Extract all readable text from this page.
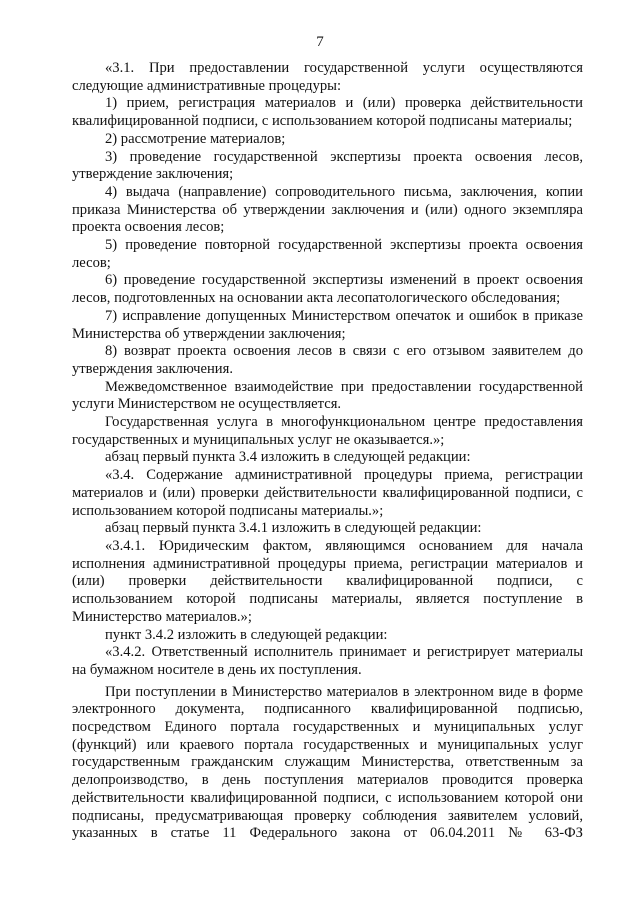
7

«3.1. При предоставлении государственной услуги осуществляются следующие административные процедуры:

1) прием, регистрация материалов и (или) проверка действительности квалифицированной подписи, с использованием которой подписаны материалы;

2) рассмотрение материалов;

3) проведение государственной экспертизы проекта освоения лесов, утверждение заключения;

4) выдача (направление) сопроводительного письма, заключения, копии приказа Министерства об утверждении заключения и (или) одного экземпляра проекта освоения лесов;

5) проведение повторной государственной экспертизы проекта освоения лесов;

6) проведение государственной экспертизы изменений в проект освоения лесов, подготовленных на основании акта лесопатологического обследования;

7) исправление допущенных Министерством опечаток и ошибок в приказе Министерства об утверждении заключения;

8) возврат проекта освоения лесов в связи с его отзывом заявителем до утверждения заключения.

Межведомственное взаимодействие при предоставлении государственной услуги Министерством не осуществляется.

Государственная услуга в многофункциональном центре предоставления государственных и муниципальных услуг не оказывается.»;

абзац первый пункта 3.4 изложить в следующей редакции:

«3.4. Содержание административной процедуры приема, регистрации материалов и (или) проверки действительности квалифицированной подписи, с использованием которой подписаны материалы.»;

абзац первый пункта 3.4.1 изложить в следующей редакции:

«3.4.1. Юридическим фактом, являющимся основанием для начала исполнения административной процедуры приема, регистрации материалов и (или) проверки действительности квалифицированной подписи, с использованием которой подписаны материалы, является поступление в Министерство материалов.»;

пункт 3.4.2 изложить в следующей редакции:

«3.4.2. Ответственный исполнитель принимает и регистрирует материалы на бумажном носителе в день их поступления.

При поступлении в Министерство материалов в электронном виде в форме электронного документа, подписанного квалифицированной подписью, посредством Единого портала государственных и муниципальных услуг (функций) или краевого портала государственных и муниципальных услуг государственным гражданским служащим Министерства, ответственным за делопроизводство, в день поступления материалов проводится проверка действительности квалифицированной подписи, с использованием которой они подписаны, предусматривающая проверку соблюдения заявителем условий, указанных в статье 11 Федерального закона от 06.04.2011 № 63-ФЗ
